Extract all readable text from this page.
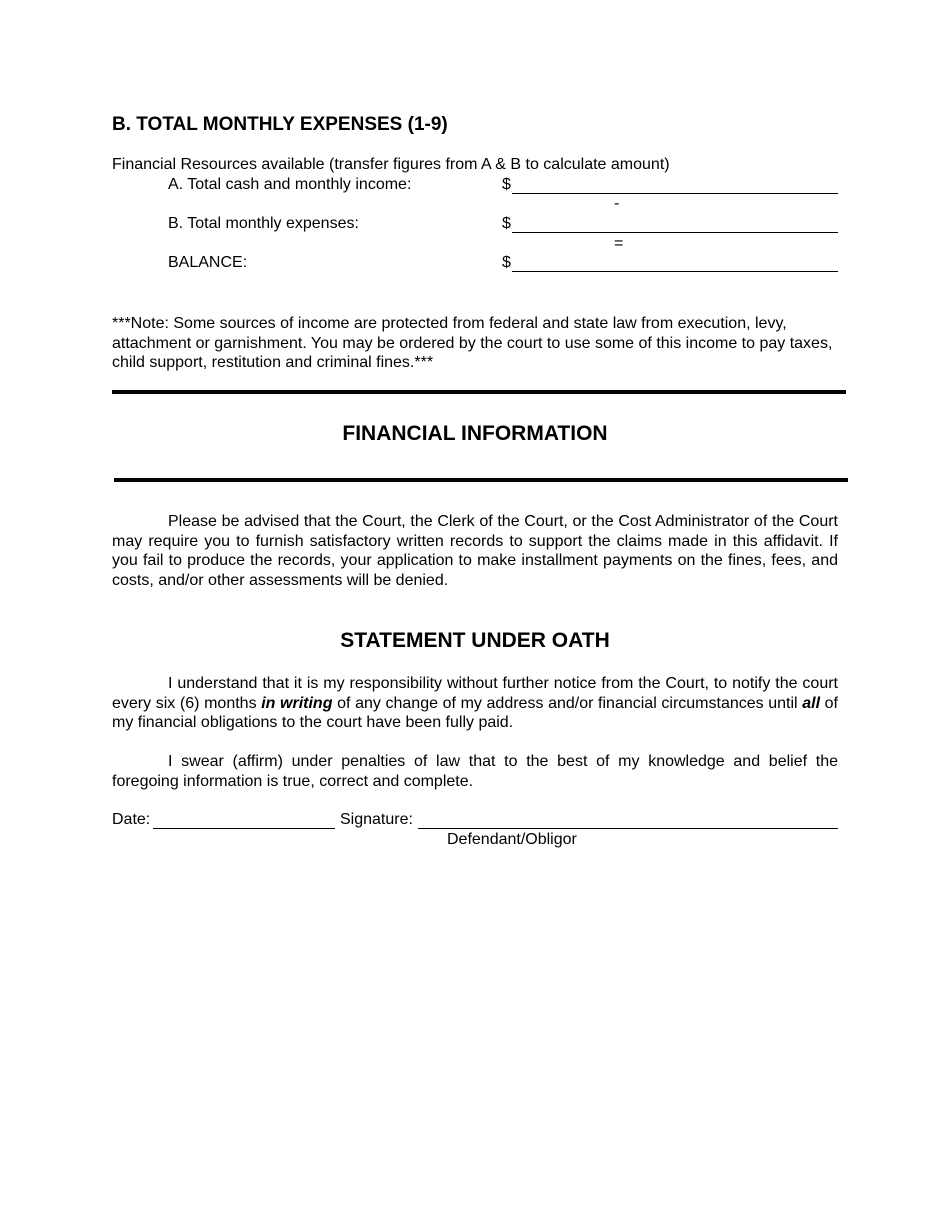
B. TOTAL MONTHLY EXPENSES (1-9)
Financial Resources available (transfer figures from A & B to calculate amount)
A. Total cash and monthly income:	$
-
B. Total monthly expenses:	$
=
BALANCE:	$
***Note: Some sources of income are protected from federal and state law from execution, levy, attachment or garnishment. You may be ordered by the court to use some of this income to pay taxes, child support, restitution and criminal fines.***
FINANCIAL INFORMATION
Please be advised that the Court, the Clerk of the Court, or the Cost Administrator of the Court may require you to furnish satisfactory written records to support the claims made in this affidavit. If you fail to produce the records, your application to make installment payments on the fines, fees, and costs, and/or other assessments will be denied.
STATEMENT UNDER OATH
I understand that it is my responsibility without further notice from the Court, to notify the court every six (6) months in writing of any change of my address and/or financial circumstances until all of my financial obligations to the court have been fully paid.
I swear (affirm) under penalties of law that to the best of my knowledge and belief the foregoing information is true, correct and complete.
Date:	Signature:
Defendant/Obligor
